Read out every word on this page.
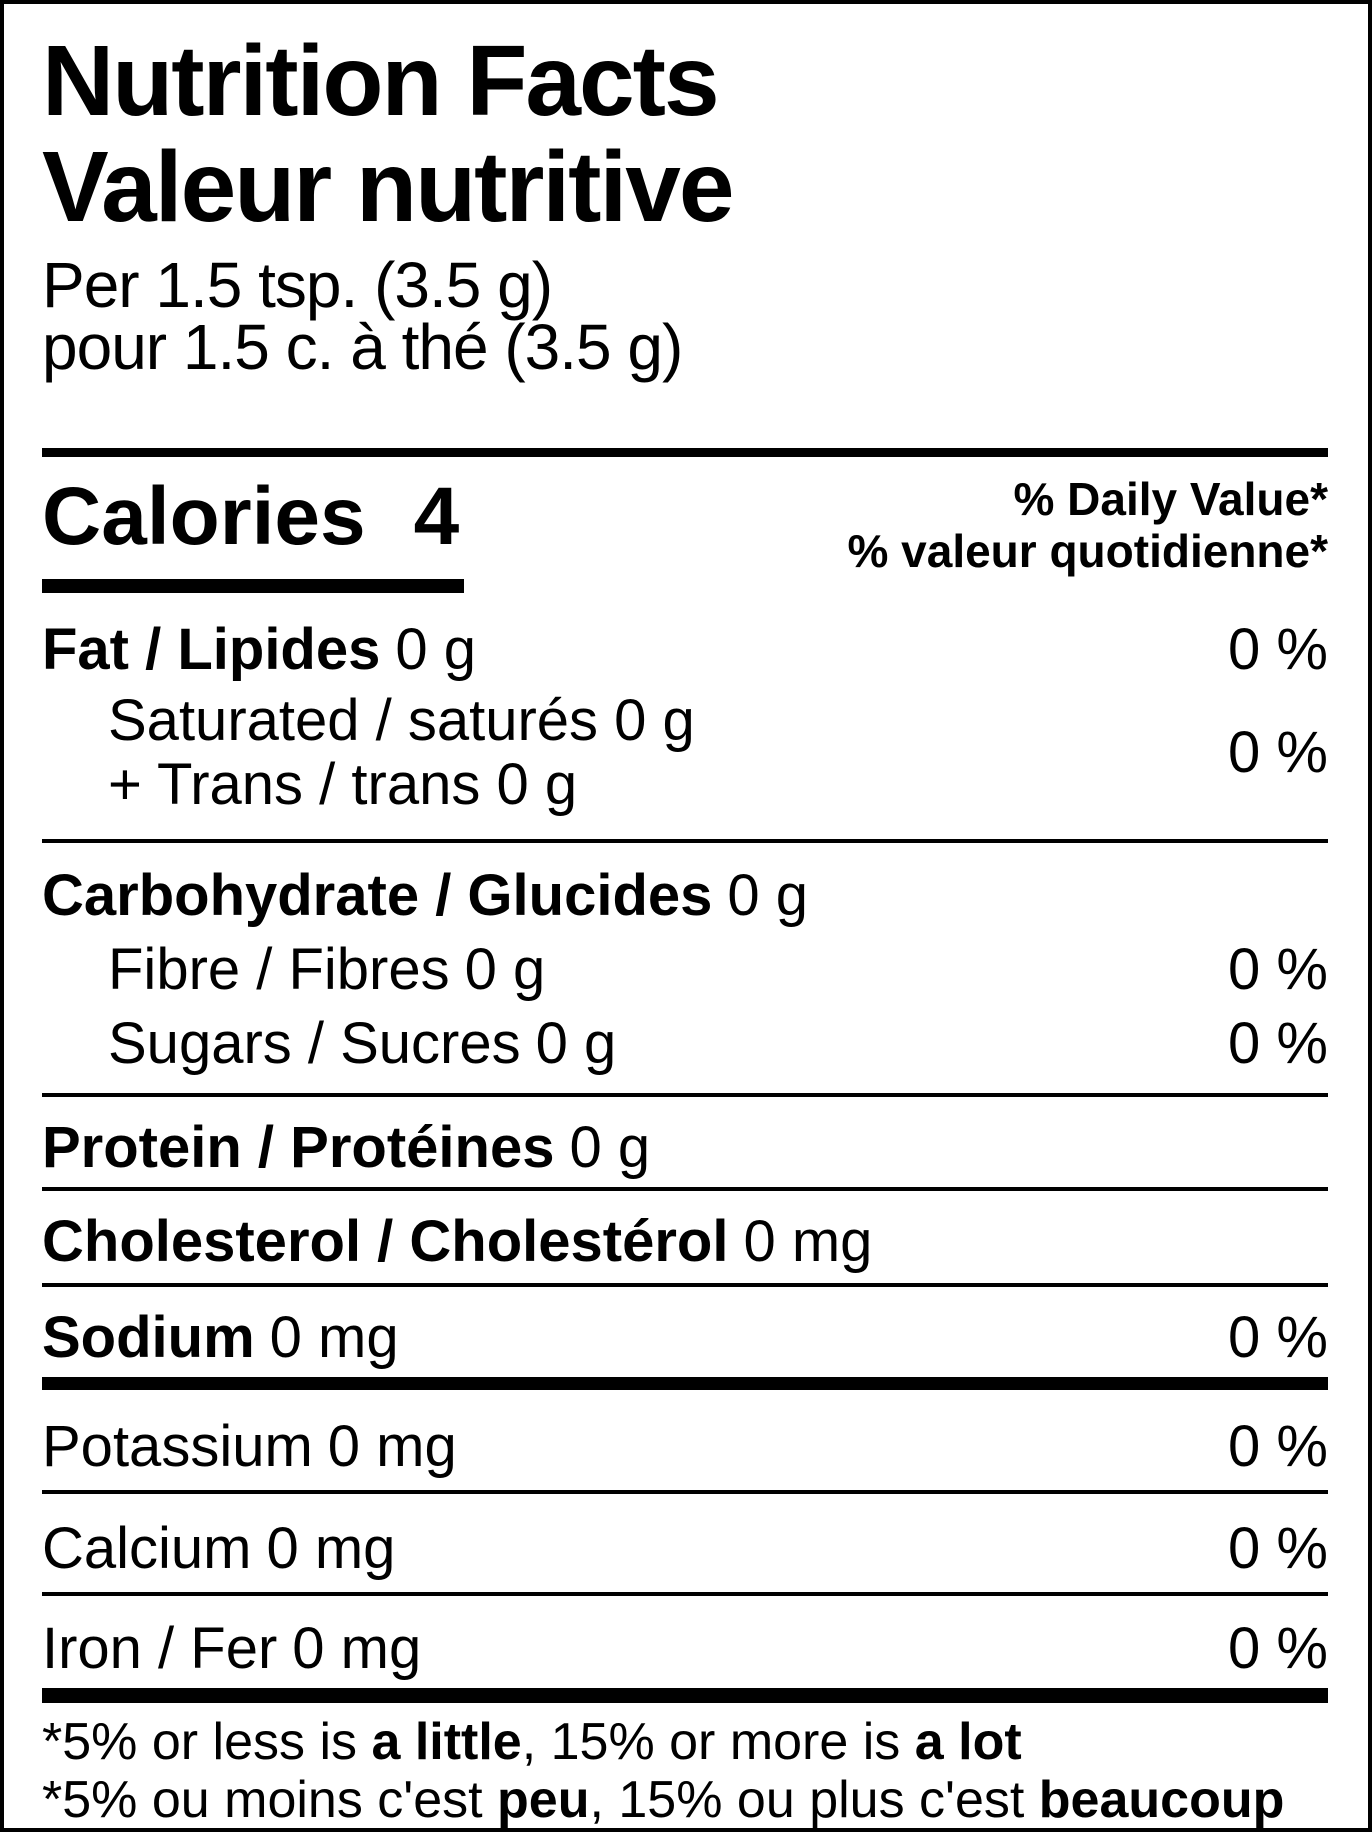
Nutrition Facts
Valeur nutritive
Per 1.5 tsp. (3.5 g)
pour 1.5 c. à thé (3.5 g)
Calories 4	% Daily Value*
% valeur quotidienne*
Fat / Lipides 0 g	0 %
Saturated / saturés 0 g
+ Trans / trans 0 g	0 %
Carbohydrate / Glucides 0 g
Fibre / Fibres 0 g	0 %
Sugars / Sucres 0 g	0 %
Protein / Protéines 0 g
Cholesterol / Cholestérol 0 mg
Sodium 0 mg	0 %
Potassium 0 mg	0 %
Calcium 0 mg	0 %
Iron / Fer 0 mg	0 %
*5% or less is a little, 15% or more is a lot
*5% ou moins c'est peu, 15% ou plus c'est beaucoup
